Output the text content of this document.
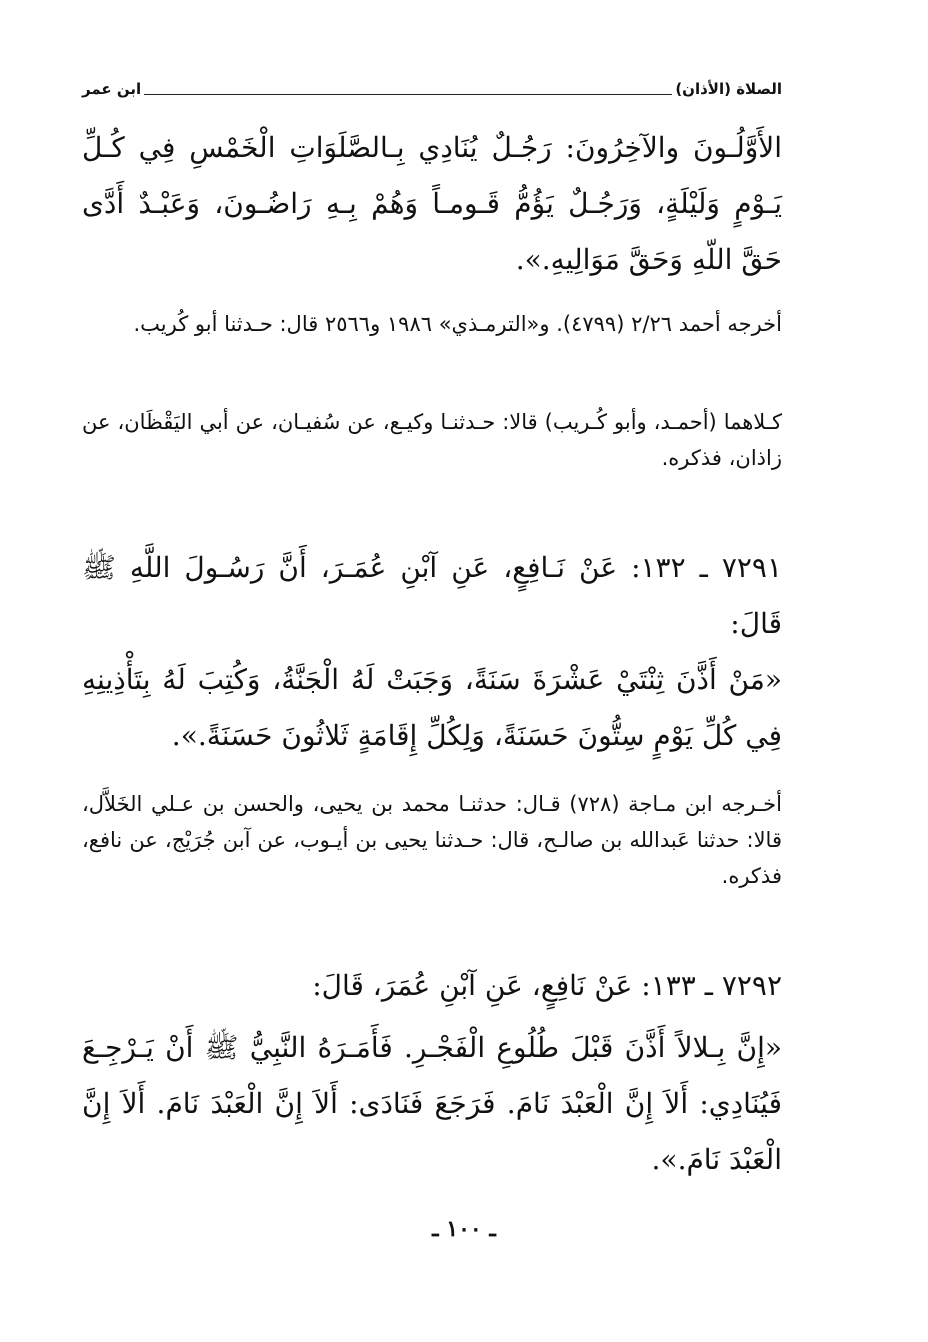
الصلاة (الأذان)
ابن عمر
الأَوَّلُـونَ والآخِرُونَ: رَجُـلٌ يُنَادِي بِـالصَّلَوَاتِ الْخَمْسِ فِي كُـلِّ يَـوْمٍ وَلَيْلَةٍ، وَرَجُـلٌ يَؤُمُّ قَـومـاً وَهُمْ بِـهِ رَاضُـونَ، وَعَبْـدٌ أَدَّى حَقَّ اللّهِ وَحَقَّ مَوَالِيهِ.».
أخرجه أحمد ٢/٢٦ (٤٧٩٩). و«الترمـذي» ١٩٨٦ و٢٥٦٦ قال: حـدثنا أبو كُريب.
كـلاهما (أحمـد، وأبو كُـريب) قالا: حـدثنـا وكيـع، عن سُفيـان، عن أبي اليَقْظَان، عن زاذان، فذكره.
٧٢٩١ ـ ١٣٢: عَنْ نَـافِعٍ، عَنِ آبْنِ عُمَـرَ، أَنَّ رَسُـولَ اللَّهِ ﷺ قَالَ:
«مَنْ أَذَّنَ ثِنْتَيْ عَشْرَةَ سَنَةً، وَجَبَتْ لَهُ الْجَنَّةُ، وَكُتِبَ لَهُ بِتَأْذِينِهِ فِي كُلِّ يَوْمٍ سِتُّونَ حَسَنَةً، وَلِكُلِّ إِقَامَةٍ ثَلاثُونَ حَسَنَةً.».
أخـرجه ابن مـاجة (٧٢٨) قـال: حدثنـا محمد بن يحيى، والحسن بن عـلي الخَلاَّل، قالا: حدثنا عَبدالله بن صالـح، قال: حـدثنا يحيى بن أيـوب، عن آبن جُرَيْج، عن نافع، فذكره.
٧٢٩٢ ـ ١٣٣: عَنْ نَافِعٍ، عَنِ آبْنِ عُمَرَ، قَالَ:
«إِنَّ بِـلالاً أَذَّنَ قَبْلَ طُلُوعِ الْفَجْـرِ. فَأَمَـرَهُ النَّبِيُّ ﷺ أَنْ يَـرْجِـعَ فَيُنَادِي: أَلاَ إِنَّ الْعَبْدَ نَامَ. فَرَجَعَ فَنَادَى: أَلاَ إِنَّ الْعَبْدَ نَامَ. أَلاَ إِنَّ الْعَبْدَ نَامَ.».
ـ ١٠٠ ـ
